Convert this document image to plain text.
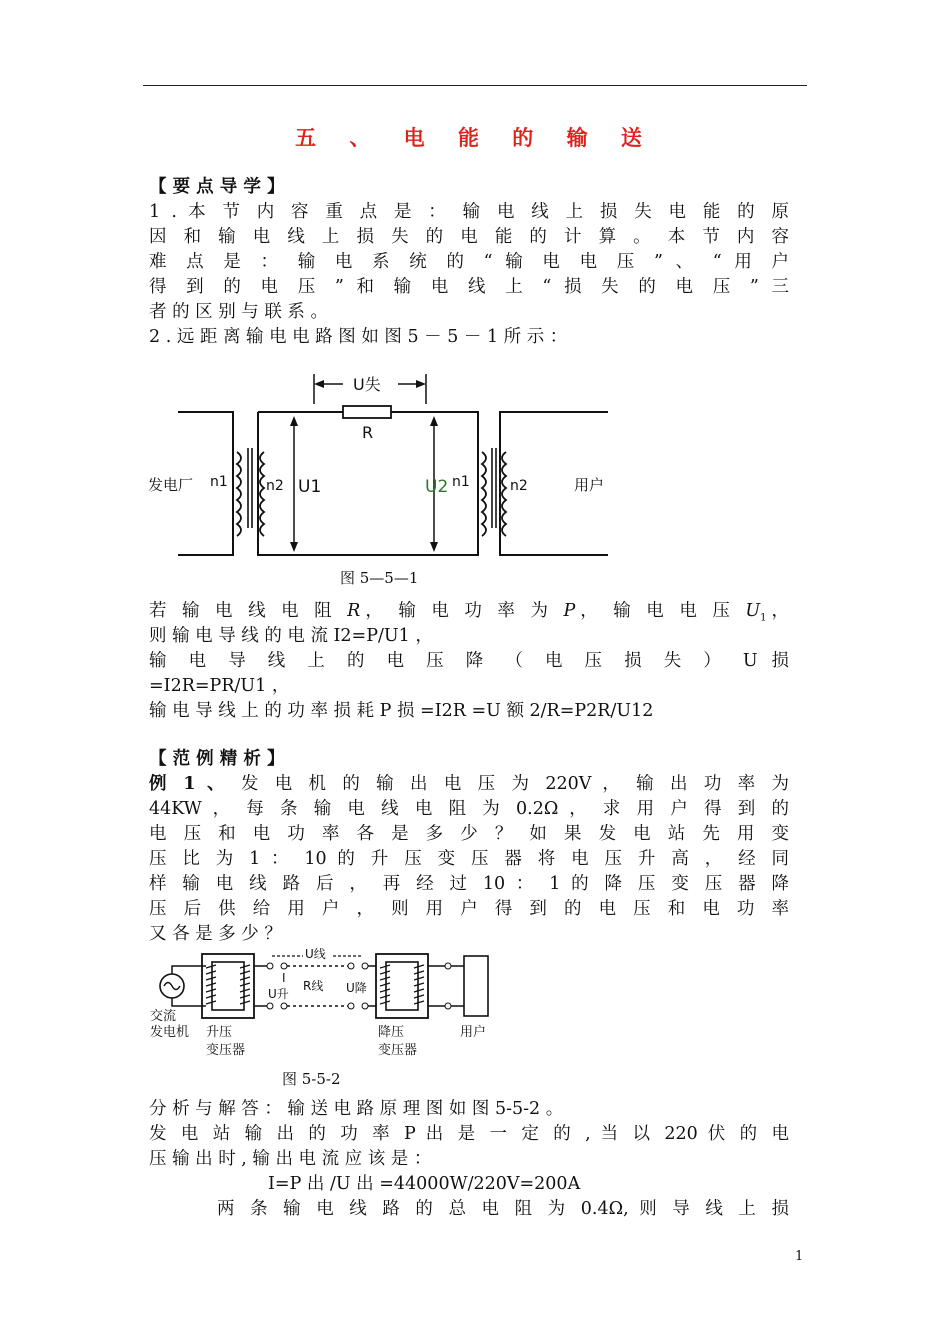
五 、 电 能 的 输 送
【 要 点 导 学 】
1 . 本 节 内 容 重 点 是 ： 输 电 线 上 损 失 电 能 的 原
因 和 输 电 线 上 损 失 的 电 能 的 计 算 。 本 节 内 容
难 点 是 ： 输 电 系 统 的 “ 输 电 电 压 ” 、 “ 用 户
得 到 的 电 压 ” 和 输 电 线 上 “ 损 失 的 电 压 ” 三
者 的 区 别 与 联 系 。
2 . 远 距 离 输 电 电 路 图 如 图 5 － 5 － 1 所 示 ：
U失
R
发电厂 n1	n2 U1	U2 n1	n2	用户
图 5—5—1
若 输 电 线 电 阻 R， 输 电 功 率 为 P， 输 电 电 压 $U_1$，
则 输 电 导 线 的 电 流 I2=P/U1 ，
输 电 导 线 上 的 电 压 降 （ 电 压 损 失 ） U 损
=I2R=PR/U1 ，
输 电 导 线 上 的 功 率 损 耗 P 损 =I2R =U 额 2/R=P2R/U12
【 范 例 精 析 】
例 1 、 发 电 机 的 输 出 电 压 为 220V ， 输 出 功 率 为
44KW ， 每 条 输 电 线 电 阻 为 0.2Ω ， 求 用 户 得 到 的
电 压 和 电 功 率 各 是 多 少 ？ 如 果 发 电 站 先 用 变
压 比 为 1 ： 10 的 升 压 变 压 器 将 电 压 升 高 ， 经 同
样 输 电 线 路 后 ， 再 经 过 10 ： 1 的 降 压 变 压 器 降
压 后 供 给 用 户 ， 则 用 户 得 到 的 电 压 和 电 功 率
又 各 是 多 少 ？
U线
I
U升
R线 U降
交流
发电机 升压
变压器
降压
变压器
用户
图 5-5-2
分 析 与 解 答 ： 输 送 电 路 原 理 图 如 图 5-5-2 。
发 电 站 输 出 的 功 率 P 出 是 一 定 的 , 当 以 220 伏 的 电
压 输 出 时 , 输 出 电 流 应 该 是 ：
I=P 出 /U 出 =44000W/220V=200A
两 条 输 电 线 路 的 总 电 阻 为 0.4Ω, 则 导 线 上 损
1
